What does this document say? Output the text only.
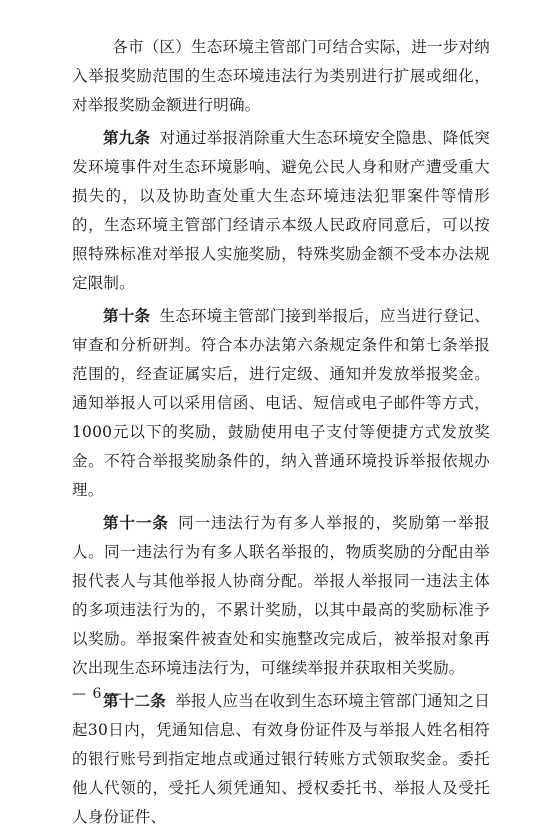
各市（区）生态环境主管部门可结合实际，进一步对纳入举报奖励范围的生态环境违法行为类别进行扩展或细化，对举报奖励金额进行明确。

第九条 对通过举报消除重大生态环境安全隐患、降低突发环境事件对生态环境影响、避免公民人身和财产遭受重大损失的，以及协助查处重大生态环境违法犯罪案件等情形的，生态环境主管部门经请示本级人民政府同意后，可以按照特殊标准对举报人实施奖励，特殊奖励金额不受本办法规定限制。

第十条 生态环境主管部门接到举报后，应当进行登记、审查和分析研判。符合本办法第六条规定条件和第七条举报范围的，经查证属实后，进行定级、通知并发放举报奖金。通知举报人可以采用信函、电话、短信或电子邮件等方式，1000元以下的奖励，鼓励使用电子支付等便捷方式发放奖金。不符合举报奖励条件的，纳入普通环境投诉举报依规办理。

第十一条 同一违法行为有多人举报的，奖励第一举报人。同一违法行为有多人联名举报的，物质奖励的分配由举报代表人与其他举报人协商分配。举报人举报同一违法主体的多项违法行为的，不累计奖励，以其中最高的奖励标准予以奖励。举报案件被查处和实施整改完成后，被举报对象再次出现生态环境违法行为，可继续举报并获取相关奖励。

第十二条 举报人应当在收到生态环境主管部门通知之日起30日内，凭通知信息、有效身份证件及与举报人姓名相符的银行账号到指定地点或通过银行转账方式领取奖金。委托他人代领的，受托人须凭通知、授权委托书、举报人及受托人身份证件、

— 6 —
